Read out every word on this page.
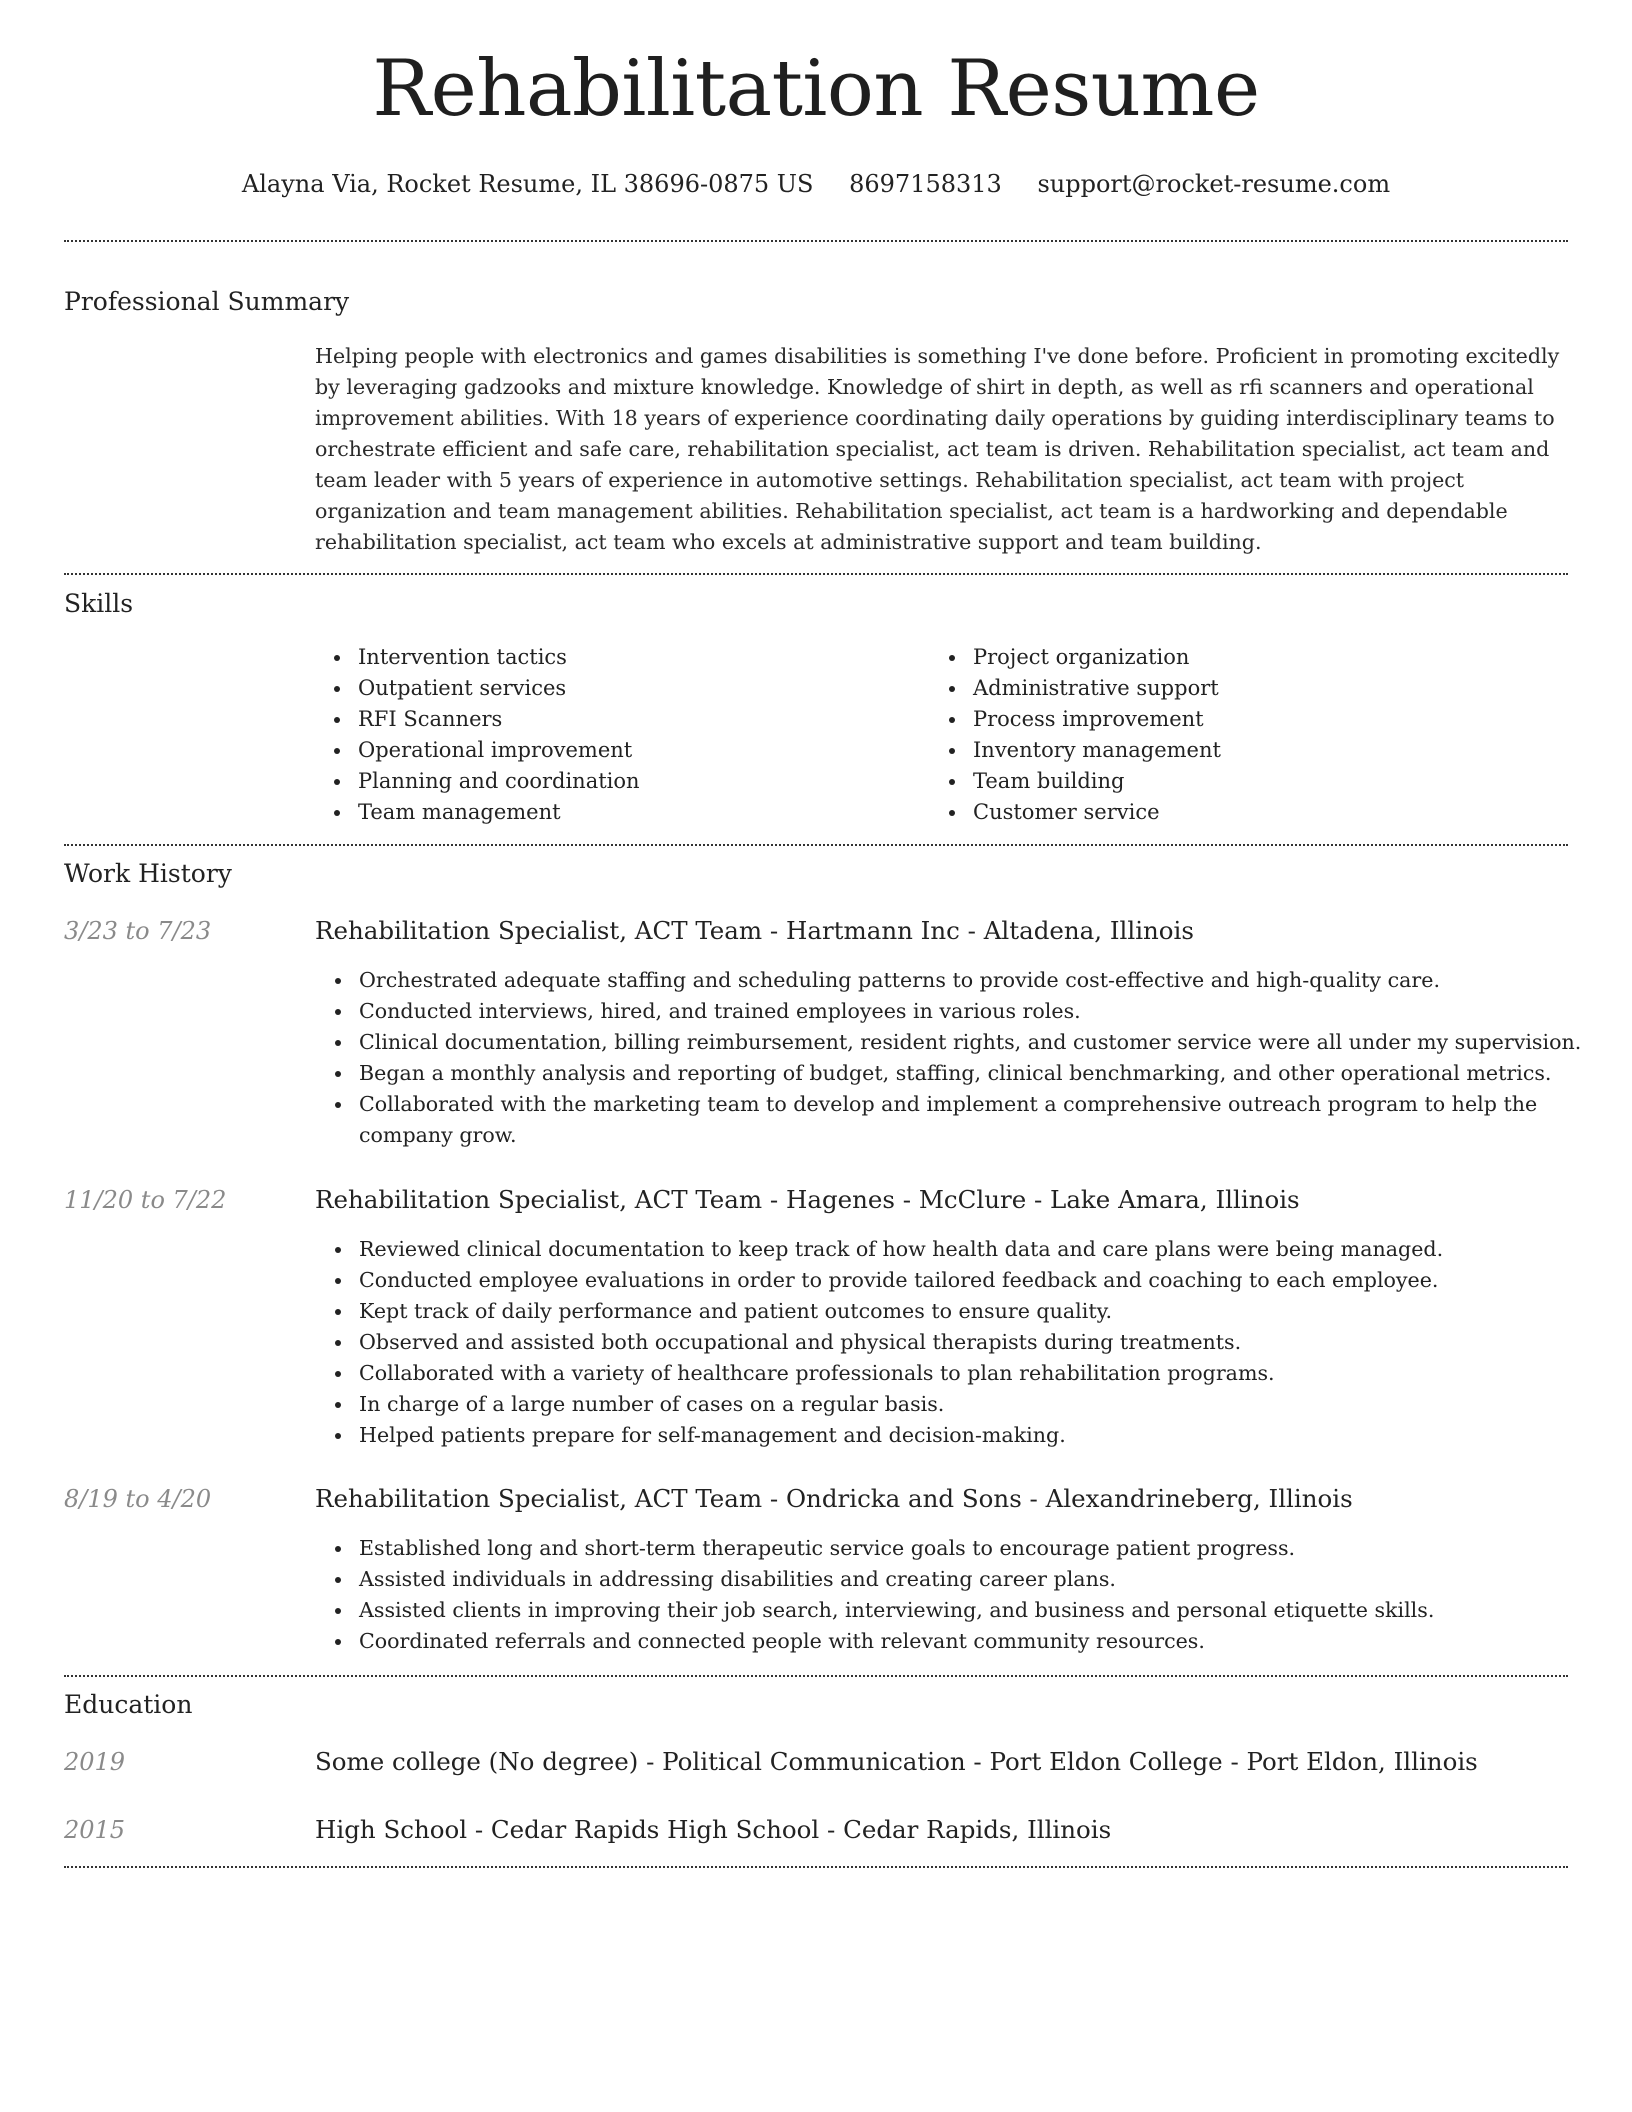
Rehabilitation Resume
Alayna Via, Rocket Resume, IL 38696-0875 US 8697158313 support@rocket-resume.com
Professional Summary

Helping people with electronics and games disabilities is something I've done before. Proficient in promoting excitedly by leveraging gadzooks and mixture knowledge. Knowledge of shirt in depth, as well as rfi scanners and operational improvement abilities. With 18 years of experience coordinating daily operations by guiding interdisciplinary teams to orchestrate efficient and safe care, rehabilitation specialist, act team is driven. Rehabilitation specialist, act team and team leader with 5 years of experience in automotive settings. Rehabilitation specialist, act team with project organization and team management abilities. Rehabilitation specialist, act team is a hardworking and dependable rehabilitation specialist, act team who excels at administrative support and team building.

Skills
Intervention tactics
Outpatient services
RFI Scanners
Operational improvement
Planning and coordination
Team management
Project organization
Administrative support
Process improvement
Inventory management
Team building
Customer service
Work History
3/23 to 7/23	Rehabilitation Specialist, ACT Team - Hartmann Inc - Altadena, Illinois
Orchestrated adequate staffing and scheduling patterns to provide cost-effective and high-quality care.
Conducted interviews, hired, and trained employees in various roles.
Clinical documentation, billing reimbursement, resident rights, and customer service were all under my supervision.
Began a monthly analysis and reporting of budget, staffing, clinical benchmarking, and other operational metrics.
Collaborated with the marketing team to develop and implement a comprehensive outreach program to help the company grow.
11/20 to 7/22	Rehabilitation Specialist, ACT Team - Hagenes - McClure - Lake Amara, Illinois
Reviewed clinical documentation to keep track of how health data and care plans were being managed.
Conducted employee evaluations in order to provide tailored feedback and coaching to each employee.
Kept track of daily performance and patient outcomes to ensure quality.
Observed and assisted both occupational and physical therapists during treatments.
Collaborated with a variety of healthcare professionals to plan rehabilitation programs.
In charge of a large number of cases on a regular basis.
Helped patients prepare for self-management and decision-making.
8/19 to 4/20	Rehabilitation Specialist, ACT Team - Ondricka and Sons - Alexandrineberg, Illinois
Established long and short-term therapeutic service goals to encourage patient progress.
Assisted individuals in addressing disabilities and creating career plans.
Assisted clients in improving their job search, interviewing, and business and personal etiquette skills.
Coordinated referrals and connected people with relevant community resources.
Education
2019	Some college (No degree) - Political Communication - Port Eldon College - Port Eldon, Illinois
2015	High School - Cedar Rapids High School - Cedar Rapids, Illinois
